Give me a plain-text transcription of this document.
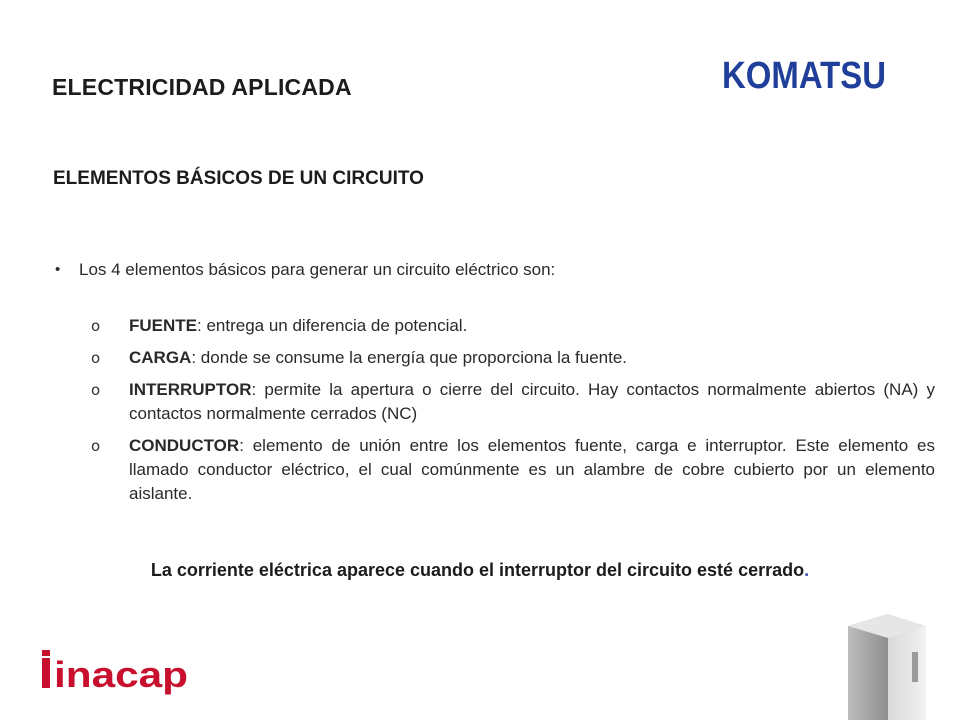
ELECTRICIDAD APLICADA	KOMATSU
ELEMENTOS BÁSICOS DE UN CIRCUITO
• Los 4 elementos básicos para generar un circuito eléctrico son:
o FUENTE: entrega un diferencia de potencial.
o CARGA: donde se consume la energía que proporciona la fuente.
o INTERRUPTOR: permite la apertura o cierre del circuito. Hay contactos normalmente abiertos (NA) y contactos normalmente cerrados (NC)
o CONDUCTOR: elemento de unión entre los elementos fuente, carga e interruptor. Este elemento es llamado conductor eléctrico, el cual comúnmente es un alambre de cobre cubierto por un elemento aislante.
La corriente eléctrica aparece cuando el interruptor del circuito esté cerrado.
inacap
